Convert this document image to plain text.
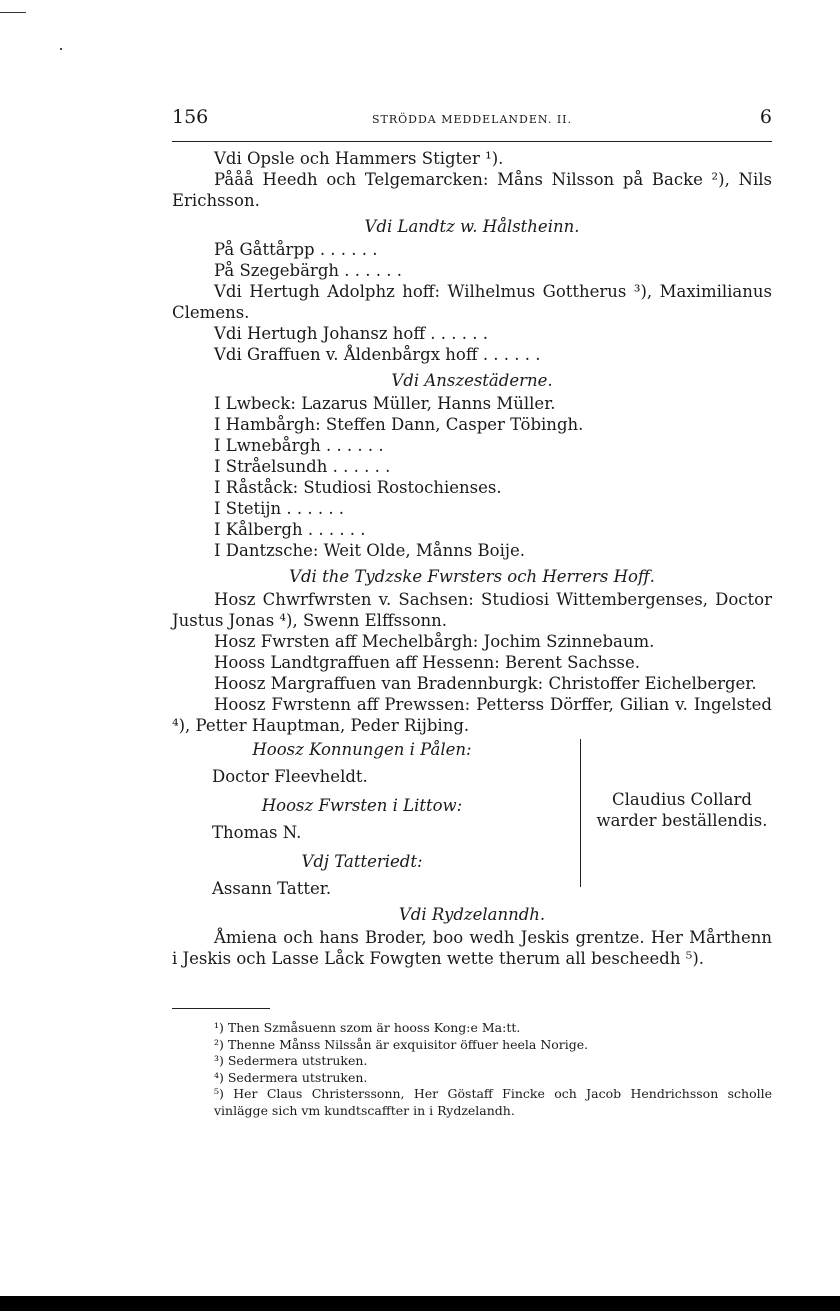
156	STRÖDDA MEDDELANDEN. II.	6

Vdi Opsle och Hammers Stigter ¹).

Pååå Heedh och Telgemarcken: Måns Nilsson på Backe ²), Nils Erichsson.

Vdi Landtz w. Hålstheinn.

På Gåttårpp . . . . . .

På Szegebärgh . . . . . .

Vdi Hertugh Adolphz hoff: Wilhelmus Gottherus ³), Maximilianus Clemens.

Vdi Hertugh Johansz hoff . . . . . .

Vdi Graffuen v. Åldenbårgx hoff . . . . . .

Vdi Anszestäderne.

I Lwbeck: Lazarus Müller, Hanns Müller.

I Hambårgh: Steffen Dann, Casper Töbingh.

I Lwnebårgh . . . . . .

I Stråelsundh . . . . . .

I Råståck: Studiosi Rostochienses.

I Stetijn . . . . . .

I Kålbergh . . . . . .

I Dantzsche: Weit Olde, Månns Boije.

Vdi the Tydzske Fwrsters och Herrers Hoff.

Hosz Chwrfwrsten v. Sachsen: Studiosi Wittembergenses, Doctor Justus Jonas ⁴), Swenn Elffssonn.

Hosz Fwrsten aff Mechelbårgh: Jochim Szinnebaum.

Hooss Landtgraffuen aff Hessenn: Berent Sachsse.

Hoosz Margraffuen van Bradennburgk: Christoffer Eichelberger.

Hoosz Fwrstenn aff Prewssen: Petterss Dörffer, Gilian v. Ingelsted ⁴), Petter Hauptman, Peder Rijbing.

Hoosz Konnungen i Pålen:
Doctor Fleevheldt.
Hoosz Fwrsten i Littow:
Thomas N.
Vdj Tatteriedt:
Assann Tatter.
Claudius Collard warder beställendis.

Vdi Rydzelanndh.

Åmiena och hans Broder, boo wedh Jeskis grentze. Her Mårthenn i Jeskis och Lasse Låck Fowgten wette therum all bescheedh ⁵).

¹) Then Szmåsuenn szom är hooss Kong:e Ma:tt.

²) Thenne Månss Nilssån är exquisitor öffuer heela Norige.

³) Sedermera utstruken.

⁴) Sedermera utstruken.

⁵) Her Claus Christerssonn, Her Göstaff Fincke och Jacob Hendrichsson scholle vinlägge sich vm kundtscaffter in i Rydzelandh.
